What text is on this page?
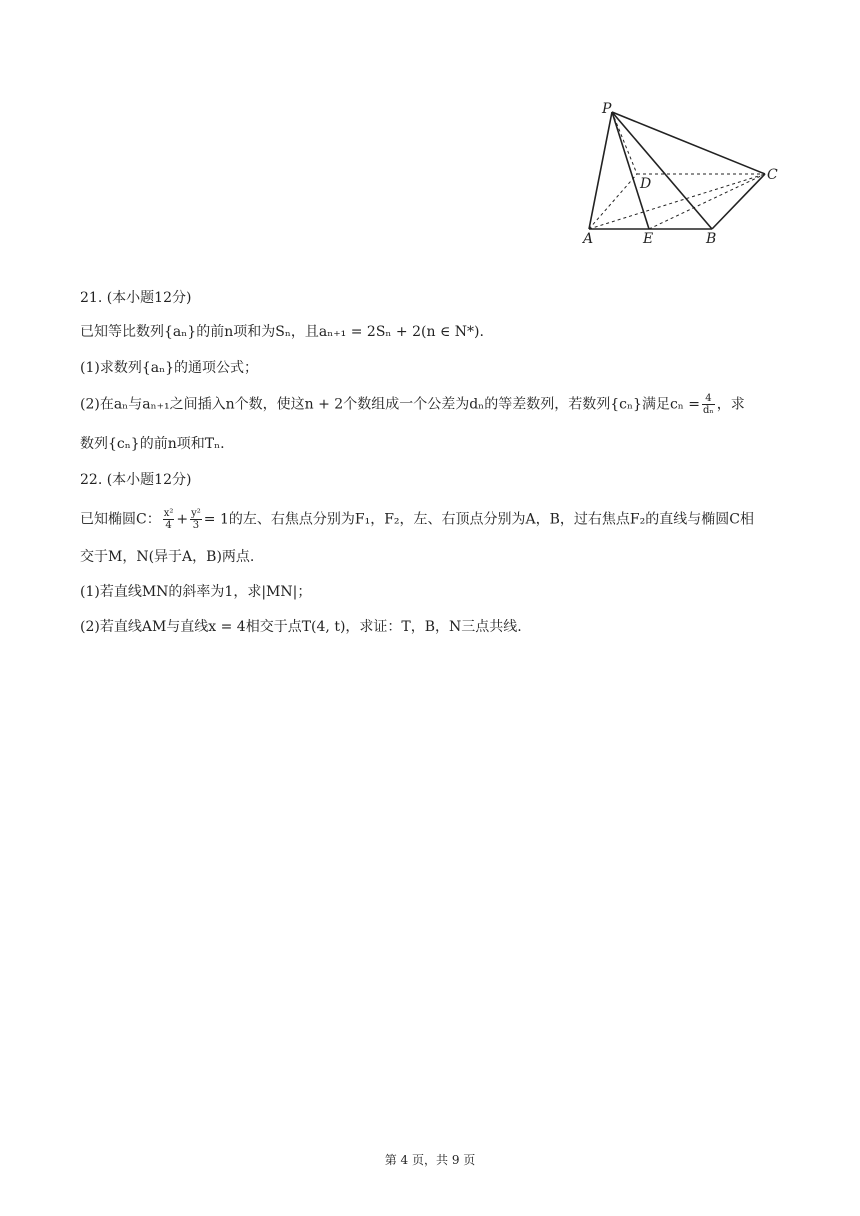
P
D
C
A	E	B
21. (本小题12分)
已知等比数列{aₙ}的前n项和为Sₙ，且aₙ₊₁ = 2Sₙ + 2(n ∈ N*).
(1)求数列{aₙ}的通项公式；
(2)在aₙ与aₙ₊₁之间插入n个数，使这n + 2个数组成一个公差为dₙ的等差数列，若数列{cₙ}满足$c_n = \frac{4}{\text{dₙ}}$ ，求
数列{cₙ}的前n项和Tₙ.
22. (本小题12分)
已知椭圆C： $\frac{\text{x²}}{4} + \frac{\text{y²}}{3} = 1$的左、右焦点分别为F₁，F₂，左、右顶点分别为A，B，过右焦点F₂的直线与椭圆C相
交于M，N(异于A，B)两点.
(1)若直线MN的斜率为1，求|MN|；
(2)若直线AM与直线x = 4相交于点T(4, t)，求证：T，B，N三点共线.
第 4 页，共 9 页
